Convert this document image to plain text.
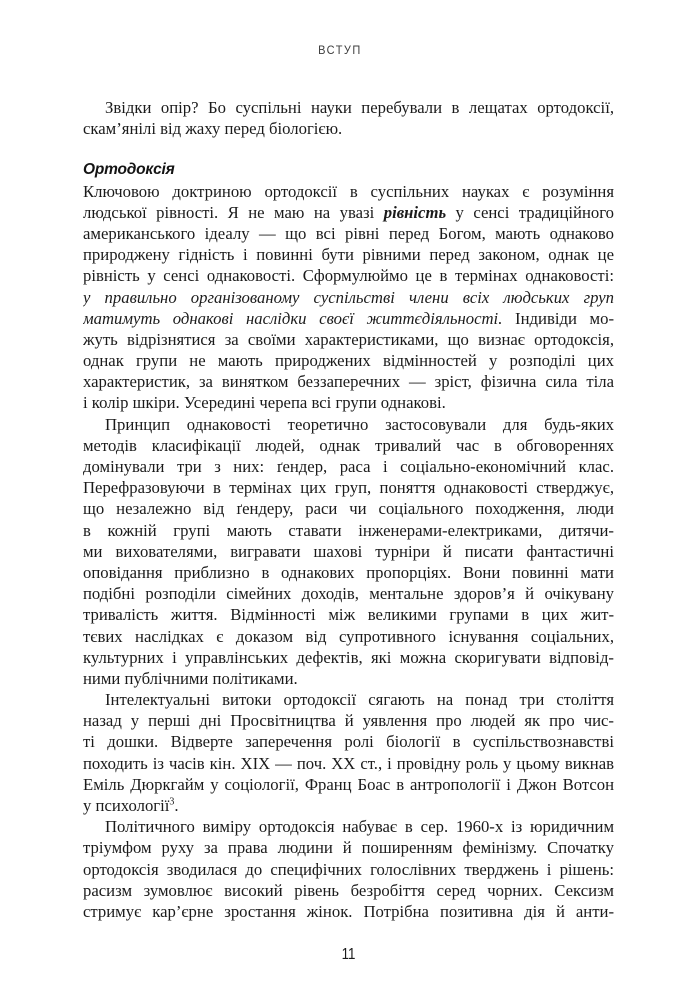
ВСТУП
Звідки опір? Бо суспільні науки перебували в лещатах ортодоксії,
скам’янілі від жаху перед біологією.
Ортодоксія
Ключовою доктриною ортодоксії в суспільних науках є розуміння
людської рівності. Я не маю на увазі рівність у сенсі традиційного
американського ідеалу — що всі рівні перед Богом, мають однаково
природжену гідність і повинні бути рівними перед законом, однак це
рівність у сенсі однаковості. Сформулюймо це в термінах однаковості:
у правильно організованому суспільстві члени всіх людських груп
матимуть однакові наслідки своєї життєдіяльності. Індивіди мо-
жуть відрізнятися за своїми характеристиками, що визнає ортодоксія,
однак групи не мають природжених відмінностей у розподілі цих
характеристик, за винятком беззаперечних — зріст, фізична сила тіла
і колір шкіри. Усередині черепа всі групи однакові.
Принцип однаковості теоретично застосовували для будь-яких
методів класифікації людей, однак тривалий час в обговореннях
домінували три з них: ґендер, раса і соціально-економічний клас.
Перефразовуючи в термінах цих груп, поняття однаковості стверджує,
що незалежно від ґендеру, раси чи соціального походження, люди
в кожній групі мають ставати інженерами-електриками, дитячи-
ми вихователями, вигравати шахові турніри й писати фантастичні
оповідання приблизно в однакових пропорціях. Вони повинні мати
подібні розподіли сімейних доходів, ментальне здоров’я й очікувану
тривалість життя. Відмінності між великими групами в цих жит-
тєвих наслідках є доказом від супротивного існування соціальних,
культурних і управлінських дефектів, які можна скоригувати відповід-
ними публічними політиками.
Інтелектуальні витоки ортодоксії сягають на понад три століття
назад у перші дні Просвітництва й уявлення про людей як про чис-
ті дошки. Відверте заперечення ролі біології в суспільствознавстві
походить із часів кін. XIX — поч. XX ст., і провідну роль у цьому викнав
Еміль Дюркгайм у соціології, Франц Боас в антропології і Джон Вотсон
у психології$^3$.
Політичного виміру ортодоксія набуває в сер. 1960-х із юридичним
тріумфом руху за права людини й поширенням фемінізму. Спочатку
ортодоксія зводилася до специфічних голослівних тверджень і рішень:
расизм зумовлює високий рівень безробіття серед чорних. Сексизм
стримує кар’єрне зростання жінок. Потрібна позитивна дія й анти-
11
